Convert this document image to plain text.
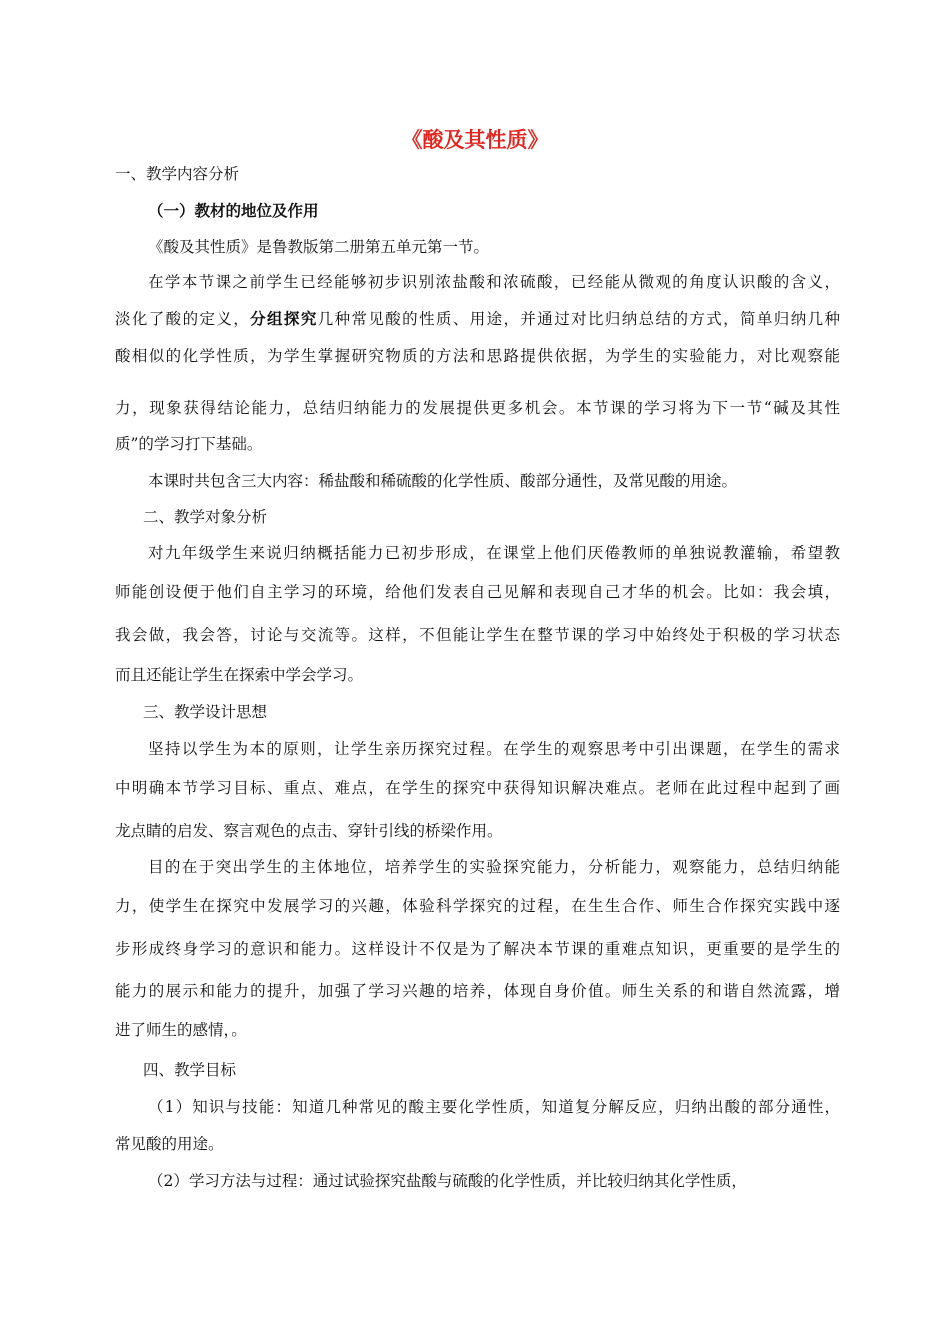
《酸及其性质》
一、教学内容分析
（一）教材的地位及作用
《酸及其性质》是鲁教版第二册第五单元第一节。
在学本节课之前学生已经能够初步识别浓盐酸和浓硫酸，已经能从微观的角度认识酸的含义，
淡化了酸的定义，分组探究几种常见酸的性质、用途，并通过对比归纳总结的方式，简单归纳几种
酸相似的化学性质，为学生掌握研究物质的方法和思路提供依据，为学生的实验能力，对比观察能
力，现象获得结论能力，总结归纳能力的发展提供更多机会。本节课的学习将为下一节“碱及其性
质”的学习打下基础。
本课时共包含三大内容：稀盐酸和稀硫酸的化学性质、酸部分通性，及常见酸的用途。
二、教学对象分析
对九年级学生来说归纳概括能力已初步形成，在课堂上他们厌倦教师的单独说教灌输，希望教
师能创设便于他们自主学习的环境，给他们发表自己见解和表现自己才华的机会。比如：我会填，
我会做，我会答，讨论与交流等。这样，不但能让学生在整节课的学习中始终处于积极的学习状态
而且还能让学生在探索中学会学习。
三、教学设计思想
坚持以学生为本的原则，让学生亲历探究过程。在学生的观察思考中引出课题，在学生的需求
中明确本节学习目标、重点、难点，在学生的探究中获得知识解决难点。老师在此过程中起到了画
龙点睛的启发、察言观色的点击、穿针引线的桥梁作用。
目的在于突出学生的主体地位，培养学生的实验探究能力，分析能力，观察能力，总结归纳能
力，使学生在探究中发展学习的兴趣，体验科学探究的过程，在生生合作、师生合作探究实践中逐
步形成终身学习的意识和能力。这样设计不仅是为了解决本节课的重难点知识，更重要的是学生的
能力的展示和能力的提升，加强了学习兴趣的培养，体现自身价值。师生关系的和谐自然流露，增
进了师生的感情，。
四、教学目标
（1）知识与技能：知道几种常见的酸主要化学性质，知道复分解反应，归纳出酸的部分通性，
常见酸的用途。
（2）学习方法与过程：通过试验探究盐酸与硫酸的化学性质，并比较归纳其化学性质，
